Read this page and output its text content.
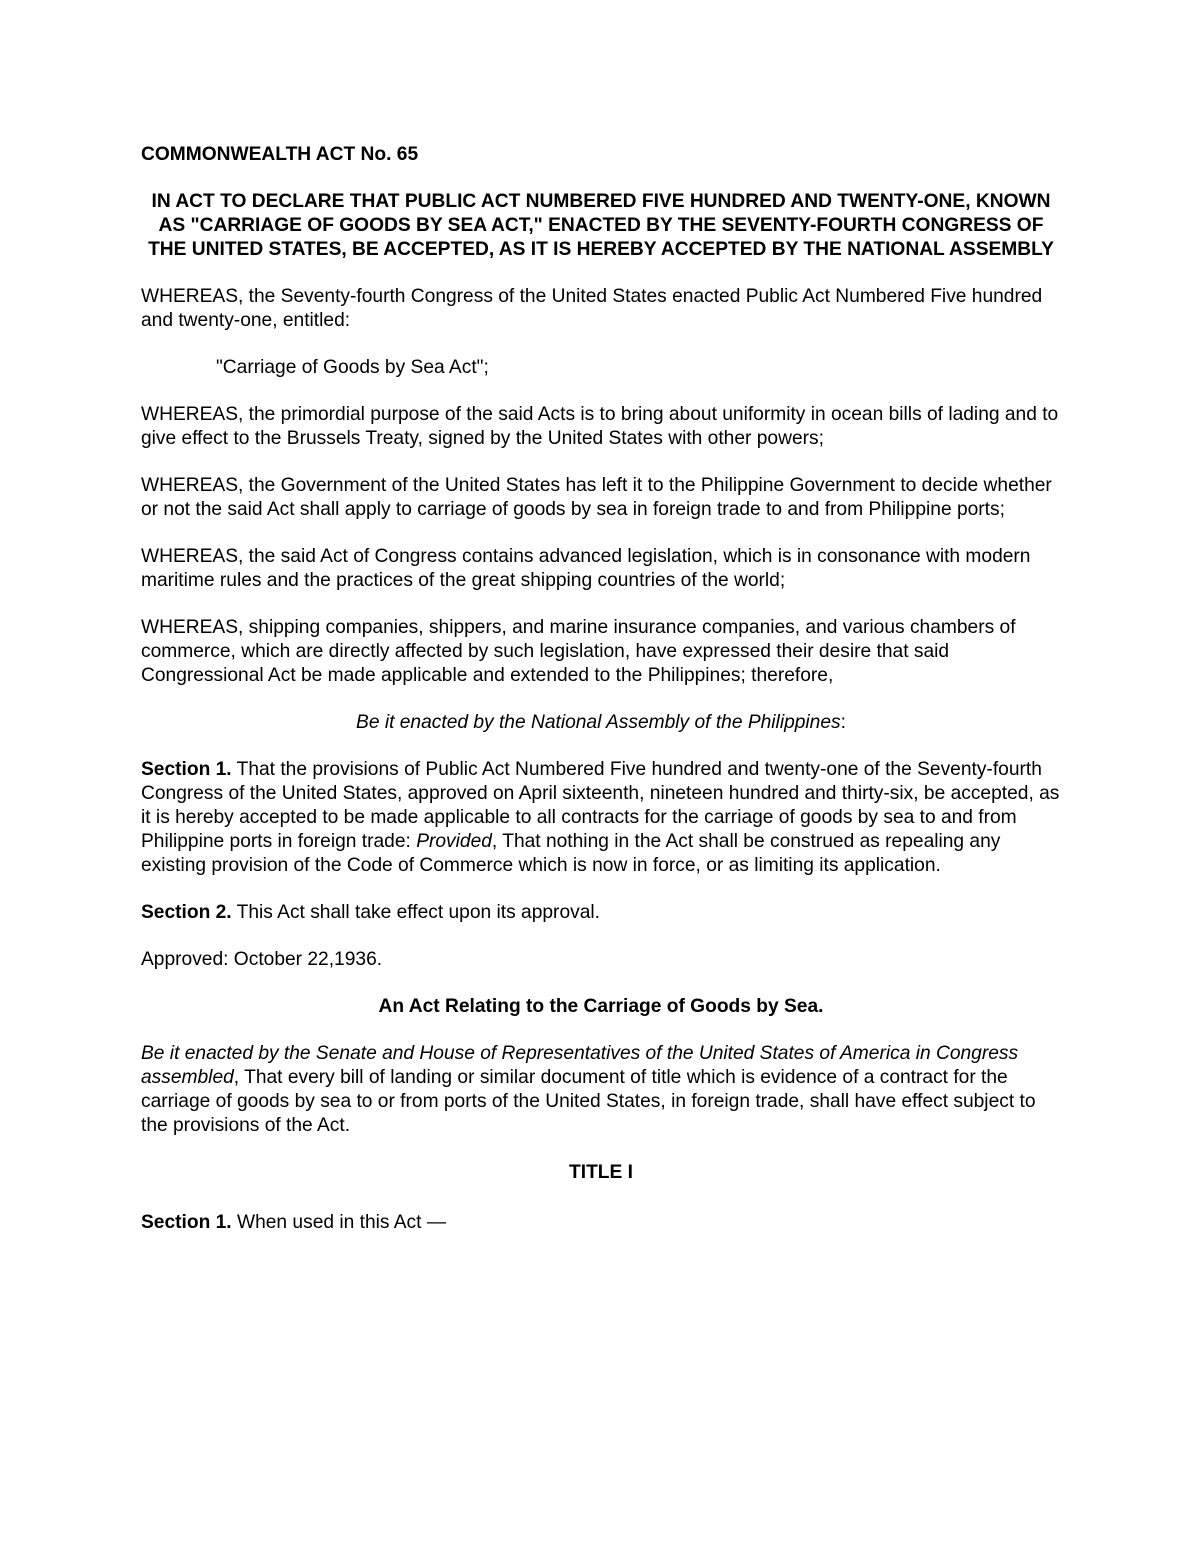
COMMONWEALTH ACT No. 65

IN ACT TO DECLARE THAT PUBLIC ACT NUMBERED FIVE HUNDRED AND TWENTY-ONE, KNOWN AS "CARRIAGE OF GOODS BY SEA ACT," ENACTED BY THE SEVENTY-FOURTH CONGRESS OF THE UNITED STATES, BE ACCEPTED, AS IT IS HEREBY ACCEPTED BY THE NATIONAL ASSEMBLY

WHEREAS, the Seventy-fourth Congress of the United States enacted Public Act Numbered Five hundred and twenty-one, entitled:

"Carriage of Goods by Sea Act";

WHEREAS, the primordial purpose of the said Acts is to bring about uniformity in ocean bills of lading and to give effect to the Brussels Treaty, signed by the United States with other powers;

WHEREAS, the Government of the United States has left it to the Philippine Government to decide whether or not the said Act shall apply to carriage of goods by sea in foreign trade to and from Philippine ports;

WHEREAS, the said Act of Congress contains advanced legislation, which is in consonance with modern maritime rules and the practices of the great shipping countries of the world;

WHEREAS, shipping companies, shippers, and marine insurance companies, and various chambers of commerce, which are directly affected by such legislation, have expressed their desire that said Congressional Act be made applicable and extended to the Philippines; therefore,

Be it enacted by the National Assembly of the Philippines:

Section 1. That the provisions of Public Act Numbered Five hundred and twenty-one of the Seventy-fourth Congress of the United States, approved on April sixteenth, nineteen hundred and thirty-six, be accepted, as it is hereby accepted to be made applicable to all contracts for the carriage of goods by sea to and from Philippine ports in foreign trade: Provided, That nothing in the Act shall be construed as repealing any existing provision of the Code of Commerce which is now in force, or as limiting its application.

Section 2. This Act shall take effect upon its approval.

Approved: October 22,1936.

An Act Relating to the Carriage of Goods by Sea.

Be it enacted by the Senate and House of Representatives of the United States of America in Congress assembled, That every bill of landing or similar document of title which is evidence of a contract for the carriage of goods by sea to or from ports of the United States, in foreign trade, shall have effect subject to the provisions of the Act.

TITLE I

Section 1. When used in this Act —
